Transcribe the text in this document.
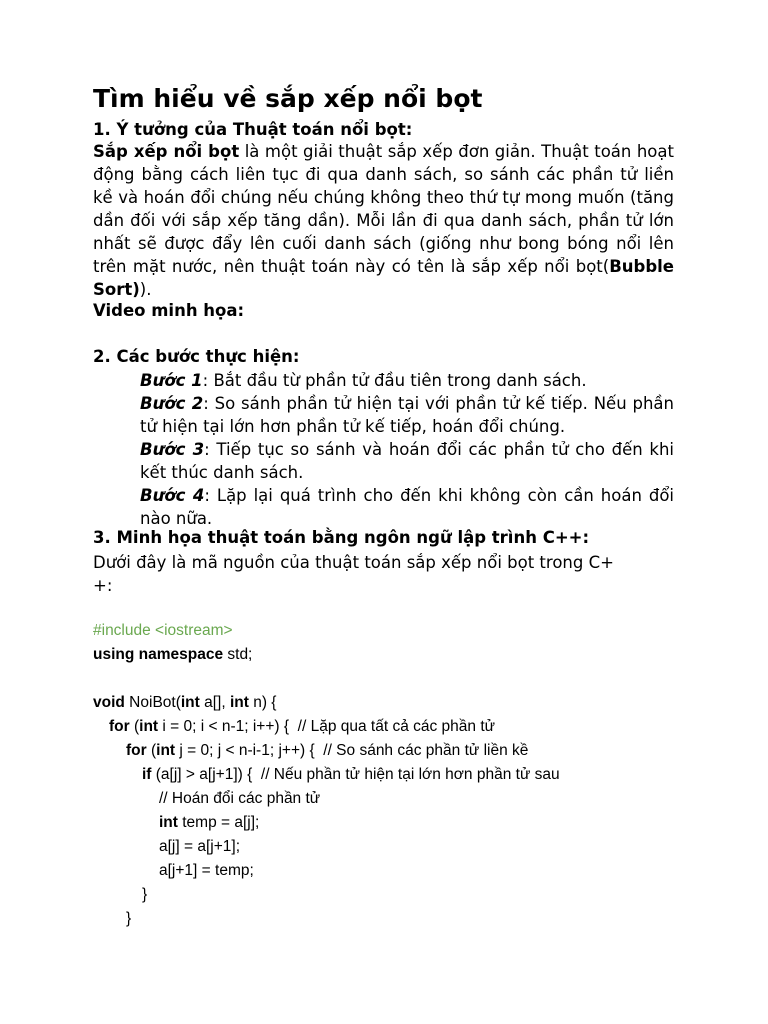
Tìm hiểu về sắp xếp nổi bọt
1. Ý tưởng của Thuật toán nổi bọt:
Sắp xếp nổi bọt là một giải thuật sắp xếp đơn giản. Thuật toán hoạt động bằng cách liên tục đi qua danh sách, so sánh các phần tử liền kề và hoán đổi chúng nếu chúng không theo thứ tự mong muốn (tăng dần đối với sắp xếp tăng dần). Mỗi lần đi qua danh sách, phần tử lớn nhất sẽ được đẩy lên cuối danh sách (giống như bong bóng nổi lên trên mặt nước, nên thuật toán này có tên là sắp xếp nổi bọt(Bubble Sort)).
Video minh họa:
2. Các bước thực hiện:
Bước 1: Bắt đầu từ phần tử đầu tiên trong danh sách.
Bước 2: So sánh phần tử hiện tại với phần tử kế tiếp. Nếu phần tử hiện tại lớn hơn phần tử kế tiếp, hoán đổi chúng.
Bước 3: Tiếp tục so sánh và hoán đổi các phần tử cho đến khi kết thúc danh sách.
Bước 4: Lặp lại quá trình cho đến khi không còn cần hoán đổi nào nữa.
3. Minh họa thuật toán bằng ngôn ngữ lập trình C++:
Dưới đây là mã nguồn của thuật toán sắp xếp nổi bọt trong C+
+:
#include <iostream>
using namespace std;
void NoiBot(int a[], int n) {
for (int i = 0; i < n-1; i++) {  // Lặp qua tất cả các phần tử
for (int j = 0; j < n-i-1; j++) {  // So sánh các phần tử liền kề
if (a[j] > a[j+1]) {  // Nếu phần tử hiện tại lớn hơn phần tử sau
// Hoán đổi các phần tử
int temp = a[j];
a[j] = a[j+1];
a[j+1] = temp;
}
}
